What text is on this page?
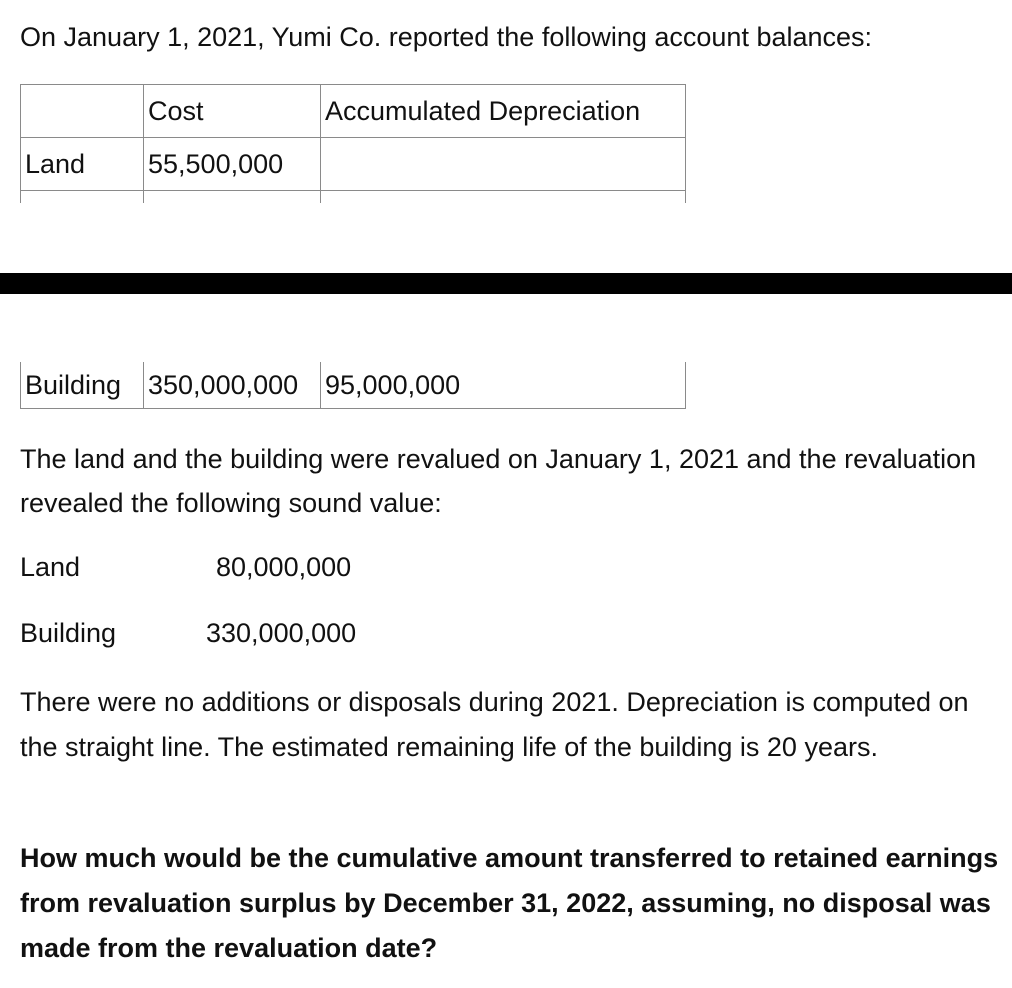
On January 1, 2021, Yumi Co. reported the following account balances:
	Cost	Accumulated Depreciation
Land	55,500,000	

Building	350,000,000	95,000,000
The land and the building were revalued on January 1, 2021 and the revaluation revealed the following sound value:
Land	80,000,000
Building	330,000,000
There were no additions or disposals during 2021. Depreciation is computed on the straight line. The estimated remaining life of the building is 20 years.
How much would be the cumulative amount transferred to retained earnings from revaluation surplus by December 31, 2022, assuming, no disposal was made from the revaluation date?
